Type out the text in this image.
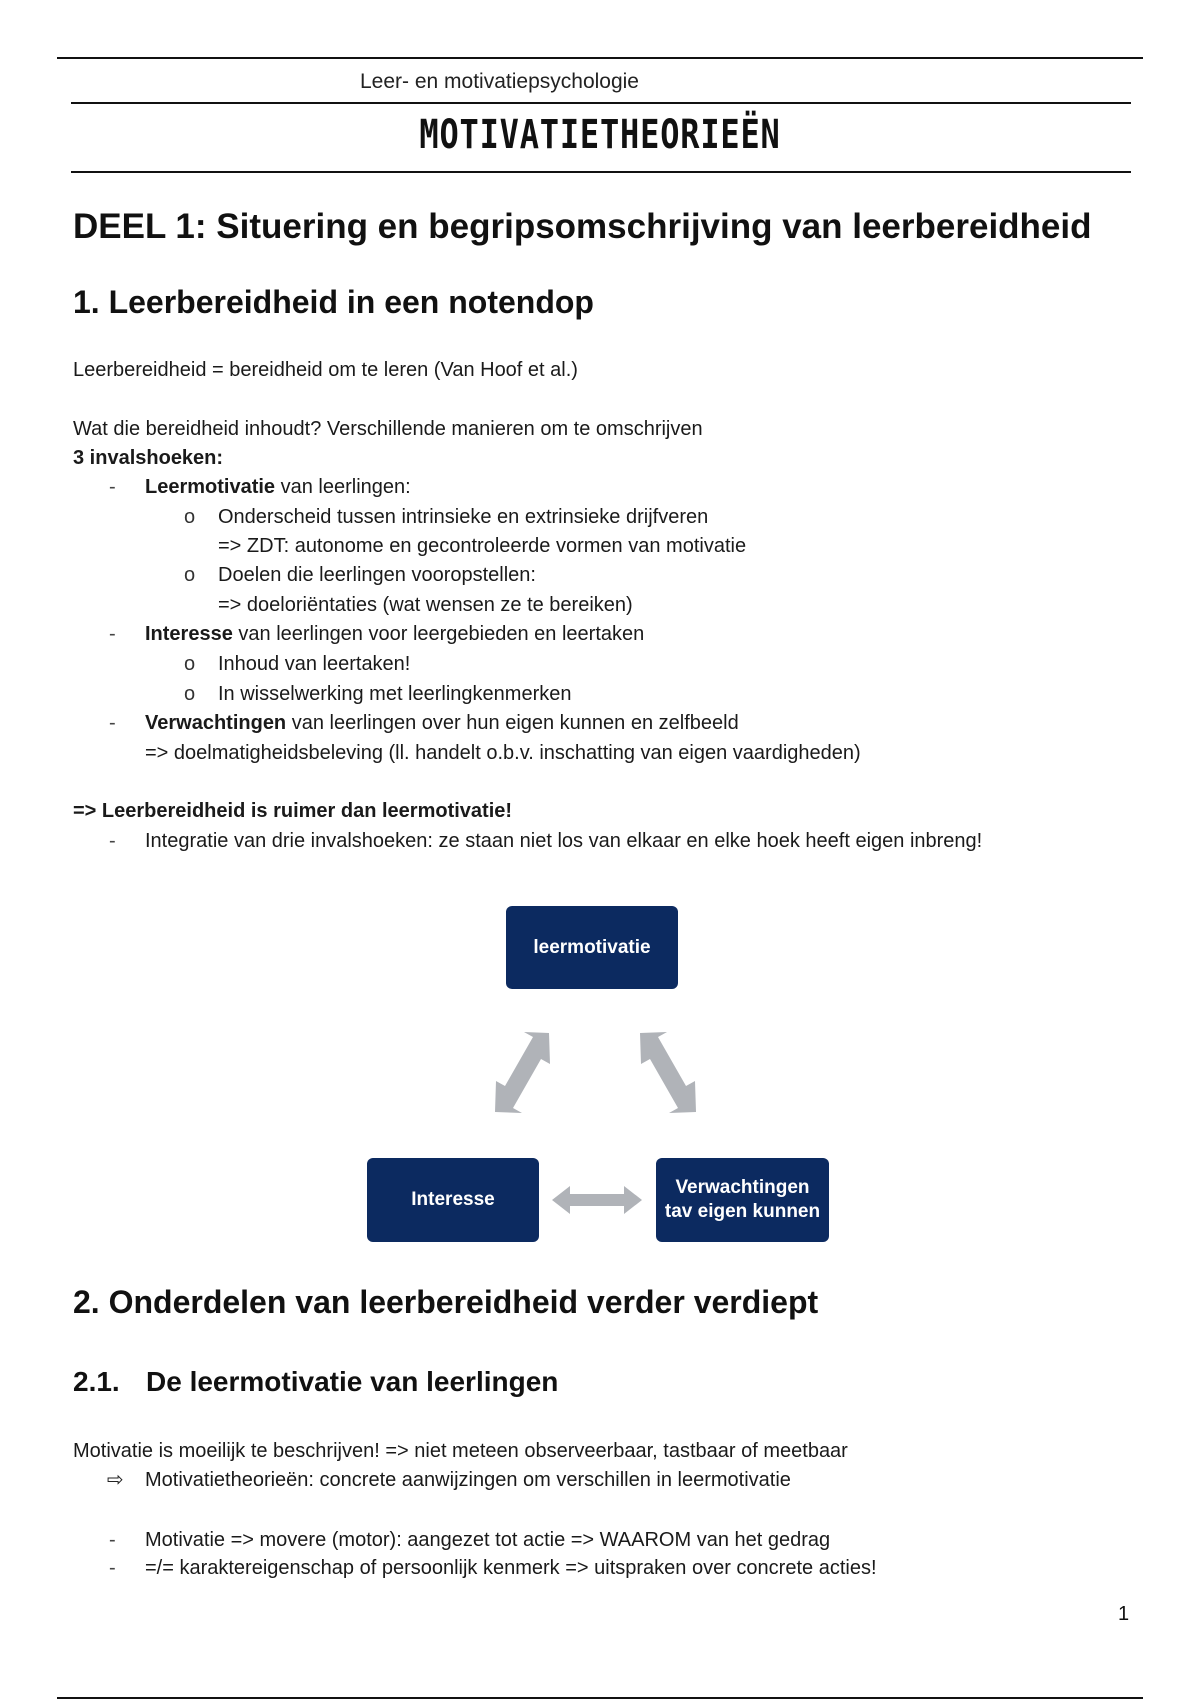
Leer- en motivatiepsychologie
MOTIVATIETHEORIEËN
DEEL 1: Situering en begripsomschrijving van leerbereidheid
1. Leerbereidheid in een notendop
Leerbereidheid = bereidheid om te leren (Van Hoof et al.)
Wat die bereidheid inhoudt? Verschillende manieren om te omschrijven
3 invalshoeken:
- Leermotivatie van leerlingen:
o Onderscheid tussen intrinsieke en extrinsieke drijfveren
=> ZDT: autonome en gecontroleerde vormen van motivatie
o Doelen die leerlingen vooropstellen:
=> doeloriëntaties (wat wensen ze te bereiken)
- Interesse van leerlingen voor leergebieden en leertaken
o Inhoud van leertaken!
o In wisselwerking met leerlingkenmerken
- Verwachtingen van leerlingen over hun eigen kunnen en zelfbeeld
=> doelmatigheidsbeleving (ll. handelt o.b.v. inschatting van eigen vaardigheden)
=> Leerbereidheid is ruimer dan leermotivatie!
- Integratie van drie invalshoeken: ze staan niet los van elkaar en elke hoek heeft eigen inbreng!
leermotivatie
Interesse
Verwachtingen
tav eigen kunnen
2. Onderdelen van leerbereidheid verder verdiept
2.1. De leermotivatie van leerlingen
Motivatie is moeilijk te beschrijven! => niet meteen observeerbaar, tastbaar of meetbaar
⇨ Motivatietheorieën: concrete aanwijzingen om verschillen in leermotivatie
- Motivatie => movere (motor): aangezet tot actie => WAAROM van het gedrag
- =/= karaktereigenschap of persoonlijk kenmerk => uitspraken over concrete acties!
1
